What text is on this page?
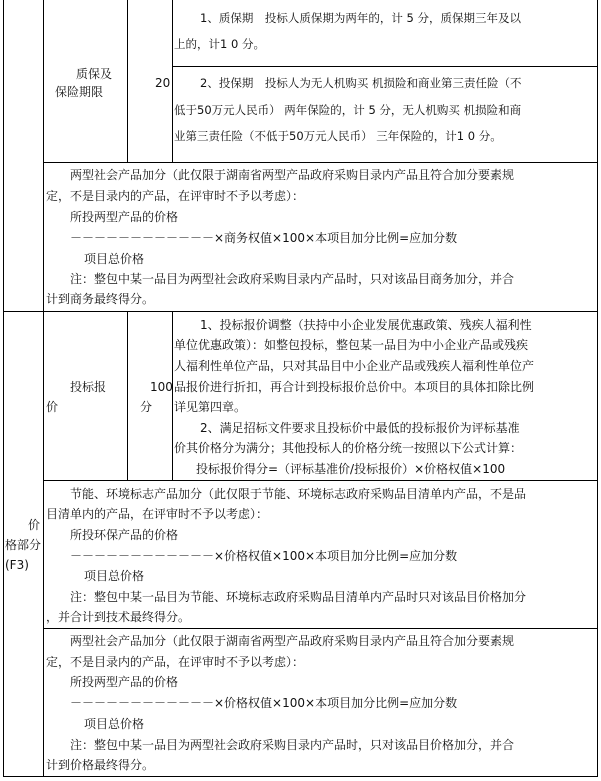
质保及
保险期限
20
1、质保期　投标人质保期为两年的，计 5 分，质保期三年及以
上的，计1 0 分。
2、投保期　投标人为无人机购买 机损险和商业第三责任险（不
低于50万元人民币） 两年保险的，计 5 分，无人机购买 机损险和商
业第三责任险（不低于50万元人民币） 三年保险的，计1 0 分。
两型社会产品加分（此仅限于湖南省两型产品政府采购目录内产品且符合加分要素规
定，不是目录内的产品，在评审时不予以考虑）：
所投两型产品的价格
－－－－－－－－－－－－×商务权值×100×本项目加分比例=应加分数
项目总价格
注：整包中某一品目为两型社会政府采购目录内产品时，只对该品目商务加分，并合
计到商务最终得分。
价
格部分
(F3)
投标报
价
100
分
1、投标报价调整（扶持中小企业发展优惠政策、残疾人福利性
单位优惠政策）：如整包投标，整包某一品目为中小企业产品或残疾
人福利性单位产品，只对其品目中小企业产品或残疾人福利性单位产
品报价进行折扣，再合计到投标报价总价中。本项目的具体扣除比例
详见第四章。
2、满足招标文件要求且投标价中最低的投标报价为评标基准
价其价格分为满分；其他投标人的价格分统一按照以下公式计算：
投标报价得分=（评标基准价/投标报价）×价格权值×100
节能、环境标志产品加分（此仅限于节能、环境标志政府采购品目清单内产品，不是品
目清单内的产品，在评审时不予以考虑）：
所投环保产品的价格
－－－－－－－－－－－－×价格权值×100×本项目加分比例=应加分数
项目总价格
注：整包中某一品目为节能、环境标志政府采购品目清单内产品时只对该品目价格加分
，并合计到技术最终得分。
两型社会产品加分（此仅限于湖南省两型产品政府采购目录内产品且符合加分要素规
定，不是目录内的产品，在评审时不予以考虑）：
所投两型产品的价格
－－－－－－－－－－－－×价格权值×100×本项目加分比例=应加分数
项目总价格
注：整包中某一品目为两型社会政府采购目录内产品时，只对该品目价格加分，并合
计到价格最终得分。
